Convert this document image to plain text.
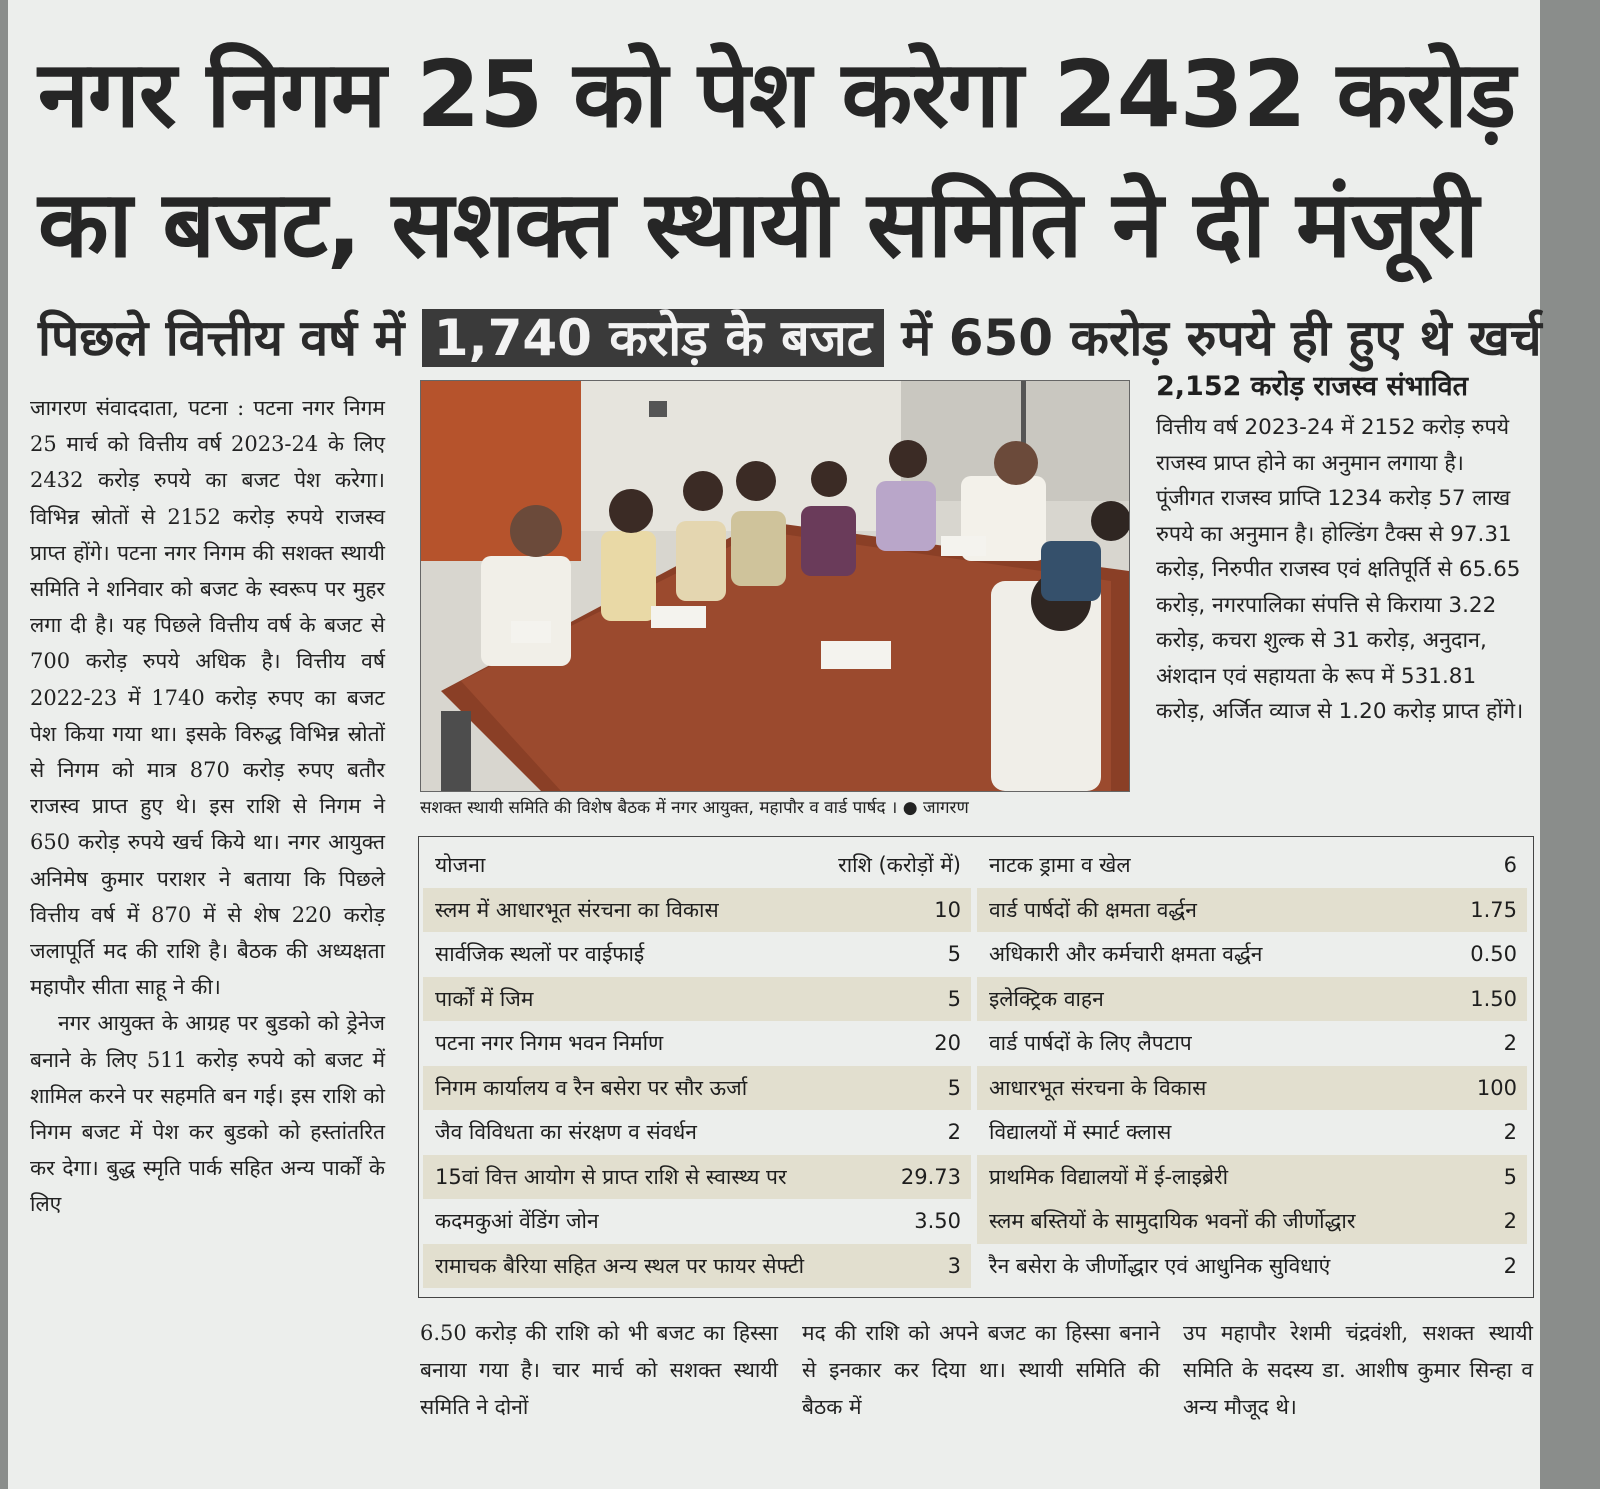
नगर निगम 25 को पेश करेगा 2432 करोड़
का बजट, सशक्त स्थायी समिति ने दी मंजूरी
पिछले वित्तीय वर्ष में 1,740 करोड़ के बजट में 650 करोड़ रुपये ही हुए थे खर्च

जागरण संवाददाता, पटना : पटना नगर निगम 25 मार्च को वित्तीय वर्ष 2023-24 के लिए 2432 करोड़ रुपये का बजट पेश करेगा। विभिन्न स्रोतों से 2152 करोड़ रुपये राजस्व प्राप्त होंगे। पटना नगर निगम की सशक्त स्थायी समिति ने शनिवार को बजट के स्वरूप पर मुहर लगा दी है। यह पिछले वित्तीय वर्ष के बजट से 700 करोड़ रुपये अधिक है। वित्तीय वर्ष 2022-23 में 1740 करोड़ रुपए का बजट पेश किया गया था। इसके विरुद्ध विभिन्न स्रोतों से निगम को मात्र 870 करोड़ रुपए बतौर राजस्व प्राप्त हुए थे। इस राशि से निगम ने 650 करोड़ रुपये खर्च किये था। नगर आयुक्त अनिमेष कुमार पराशर ने बताया कि पिछले वित्तीय वर्ष में 870 में से शेष 220 करोड़ जलापूर्ति मद की राशि है। बैठक की अध्यक्षता महापौर सीता साहू ने की।

नगर आयुक्त के आग्रह पर बुडको को ड्रेनेज बनाने के लिए 511 करोड़ रुपये को बजट में शामिल करने पर सहमति बन गई। इस राशि को निगम बजट में पेश कर बुडको को हस्तांतरित कर देगा। बुद्ध स्मृति पार्क सहित अन्य पार्कों के लिए

सशक्त स्थायी समिति की विशेष बैठक में नगर आयुक्त, महापौर व वार्ड पार्षद । ● जागरण
2,152 करोड़ राजस्व संभावित

वित्तीय वर्ष 2023-24 में 2152 करोड़ रुपये राजस्व प्राप्त होने का अनुमान लगाया है। पूंजीगत राजस्व प्राप्ति 1234 करोड़ 57 लाख रुपये का अनुमान है। होल्डिंग टैक्स से 97.31 करोड़, निरुपीत राजस्व एवं क्षतिपूर्ति से 65.65 करोड़, नगरपालिका संपत्ति से किराया 3.22 करोड़, कचरा शुल्क से 31 करोड़, अनुदान, अंशदान एवं सहायता के रूप में 531.81 करोड़, अर्जित व्याज से 1.20 करोड़ प्राप्त होंगे।

योजना	राशि (करोड़ों में)
स्लम में आधारभूत संरचना का विकास	10
सार्वजिक स्थलों पर वाईफाई	5
पार्कों में जिम	5
पटना नगर निगम भवन निर्माण	20
निगम कार्यालय व रैन बसेरा पर सौर ऊर्जा	5
जैव विविधता का संरक्षण व संवर्धन	2
15वां वित्त आयोग से प्राप्त राशि से स्वास्थ्य पर	29.73
कदमकुआं वेंडिंग जोन	3.50
रामाचक बैरिया सहित अन्य स्थल पर फायर सेफ्टी	3
नाटक ड्रामा व खेल	6
वार्ड पार्षदों की क्षमता वर्द्धन	1.75
अधिकारी और कर्मचारी क्षमता वर्द्धन	0.50
इलेक्ट्रिक वाहन	1.50
वार्ड पार्षदों के लिए लैपटाप	2
आधारभूत संरचना के विकास	100
विद्यालयों में स्मार्ट क्लास	2
प्राथमिक विद्यालयों में ई-लाइब्रेरी	5
स्लम बस्तियों के सामुदायिक भवनों की जीर्णोद्धार	2
रैन बसेरा के जीर्णोद्धार एवं आधुनिक सुविधाएं	2

6.50 करोड़ की राशि को भी बजट का हिस्सा बनाया गया है। चार मार्च को सशक्त स्थायी समिति ने दोनों

मद की राशि को अपने बजट का हिस्सा बनाने से इनकार कर दिया था। स्थायी समिति की बैठक में

उप महापौर रेशमी चंद्रवंशी, सशक्त स्थायी समिति के सदस्य डा. आशीष कुमार सिन्हा व अन्य मौजूद थे।
